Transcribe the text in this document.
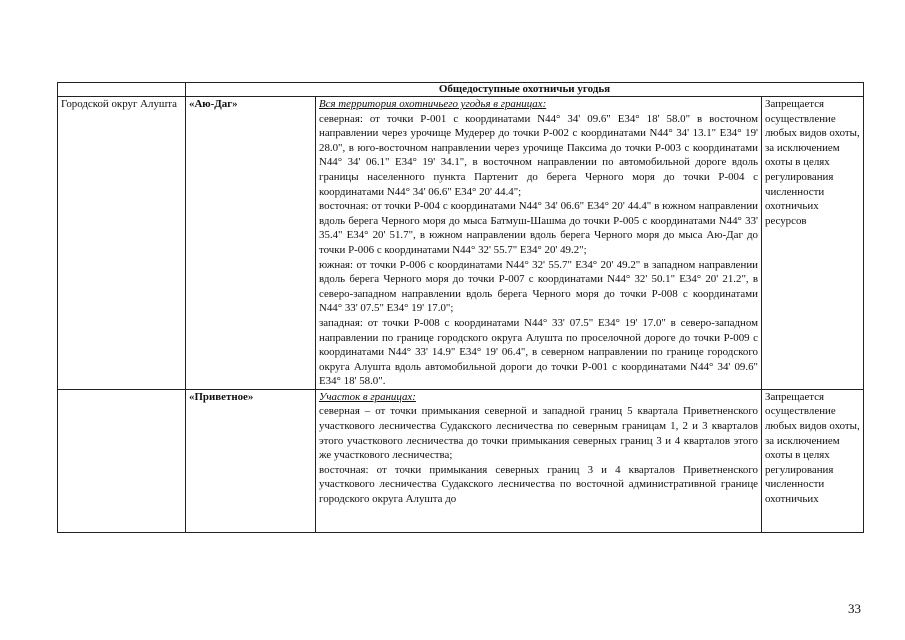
	Общедоступные охотничьи угодья		
Городской округ Алушта	«Аю-Даг»	Вся территория охотничьего угодья в границах:
северная: от точки Р-001 с координатами N44° 34' 09.6" E34° 18' 58.0" в восточном направлении через урочище Мудерер до точки Р-002 с координатами N44° 34' 13.1" E34° 19' 28.0", в юго-восточном направлении через урочище Паксима до точки Р-003 с координатами N44° 34' 06.1" E34° 19' 34.1", в восточном направлении по автомобильной дороге вдоль границы населенного пункта Партенит до берега Черного моря до точки Р-004 с координатами N44° 34' 06.6" E34° 20' 44.4";
восточная: от точки Р-004 с координатами N44° 34' 06.6" E34° 20' 44.4" в южном направлении вдоль берега Черного моря до мыса Батмуш-Шашма до точки Р-005 с координатами N44° 33' 35.4" E34° 20' 51.7", в южном направлении вдоль берега Черного моря до мыса Аю-Даг до точки Р-006 с координатами N44° 32' 55.7" E34° 20' 49.2";
южная: от точки Р-006 с координатами N44° 32' 55.7" E34° 20' 49.2" в западном направлении вдоль берега Черного моря до точки Р-007 с координатами N44° 32' 50.1" E34° 20' 21.2", в северо-западном направлении вдоль берега Черного моря до точки Р-008 с координатами N44° 33' 07.5" E34° 19' 17.0";
западная: от точки Р-008 с координатами N44° 33' 07.5" E34° 19' 17.0" в северо-западном направлении по границе городского округа Алушта по проселочной дороге до точки Р-009 с координатами N44° 33' 14.9" E34° 19' 06.4", в северном направлении по границе городского округа Алушта вдоль автомобильной дороги до точки Р-001 с координатами N44° 34' 09.6" E34° 18' 58.0".	Запрещается осуществление любых видов охоты, за исключением охоты в целях регулирования численности охотничьих ресурсов
	«Приветное»	Участок в границах:
северная – от точки примыкания северной и западной границ 5 квартала Приветненского участкового лесничества Судакского лесничества по северным границам 1, 2 и 3 кварталов этого участкового лесничества до точки примыкания северных границ 3 и 4 кварталов этого же участкового лесничества;
восточная: от точки примыкания северных границ 3 и 4 кварталов Приветненского участкового лесничества Судакского лесничества по восточной административной границе городского округа Алушта до	Запрещается осуществление любых видов охоты, за исключением охоты в целях регулирования численности охотничьих
33
